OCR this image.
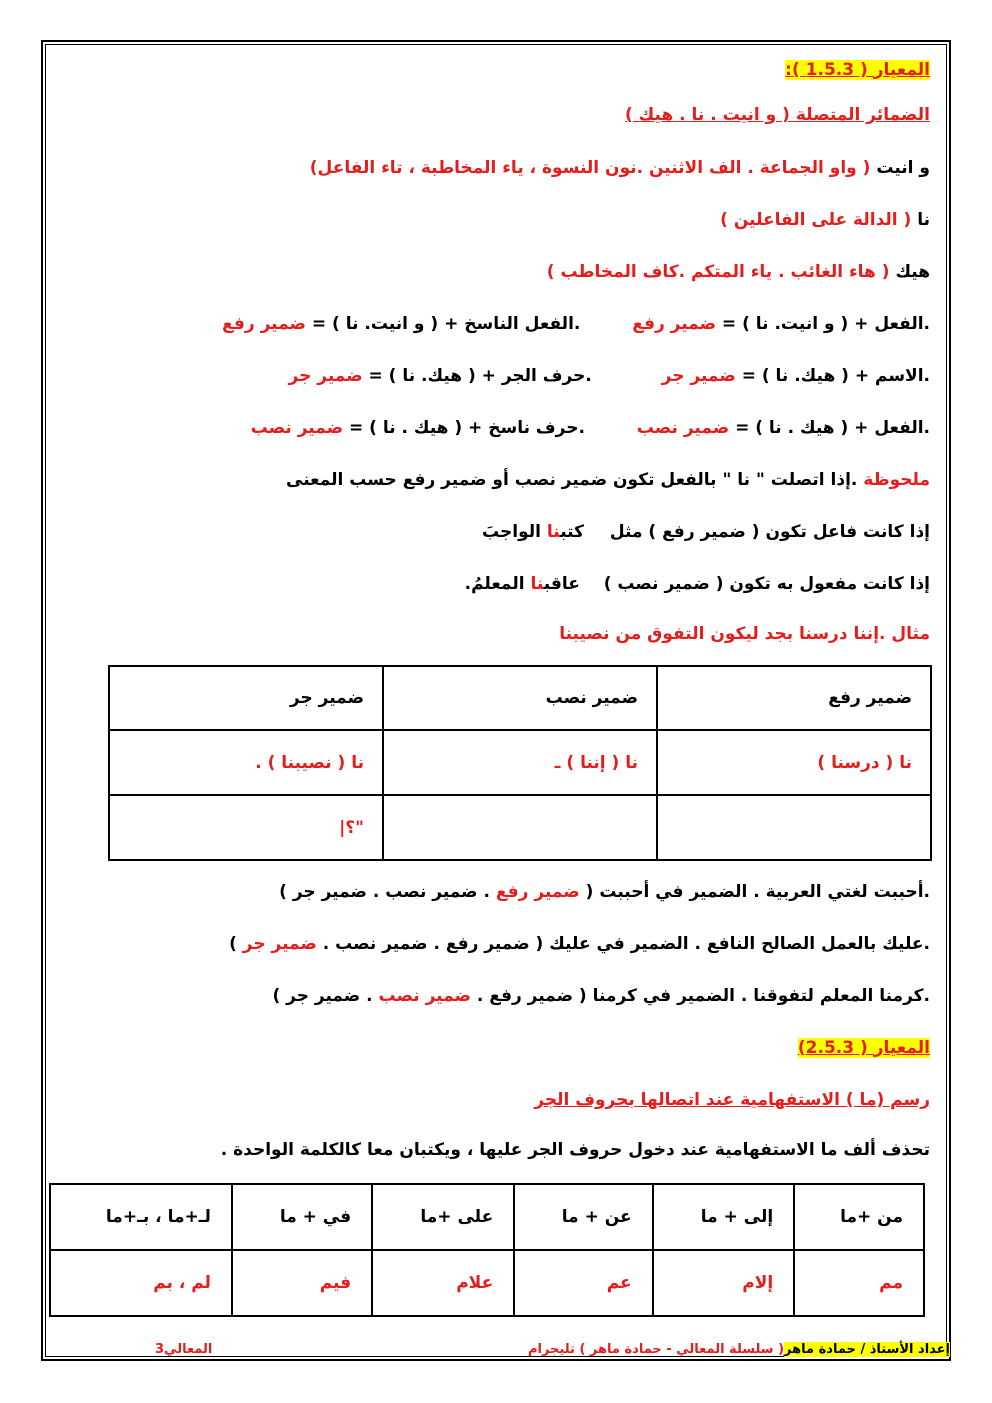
المعيار ( 1.5.3 ):
الضمائر المتصلة ( و انيت . نا . هيك )
و انيت ( واو الجماعة . الف الاثنين .نون النسوة ، ياء المخاطبة ، تاء الفاعل)
نا ( الدالة على الفاعلين )
هيك ( هاء الغائب . ياء المتكم .كاف المخاطب )
.الفعل + ( و انيت. نا ) = ضمير رفع  .الفعل الناسخ + ( و انيت. نا ) = ضمير رفع
.الاسم + ( هيك. نا ) = ضمير جر  .حرف الجر + ( هيك. نا ) = ضمير جر
.الفعل + ( هيك . نا ) = ضمير نصب  .حرف ناسخ + ( هيك . نا ) = ضمير نصب
ملحوظة .إذا اتصلت " نا " بالفعل تكون ضمير نصب أو ضمير رفع حسب المعنى
إذا كانت فاعل تكون ( ضمير رفع ) مثل  كتبنا الواجبَ
إذا كانت مفعول به تكون ( ضمير نصب )  عاقبنا المعلمُ.
مثال .إننا درسنا بجد ليكون التفوق من نصيبنا
ضمير رفع	ضمير نصب	ضمير جر
نا ( درسنا )	نا ( إننا ) ـ	نا ( نصيبنا ) .
		"؟|
.أحببت لغتي العربية . الضمير في أحببت ( ضمير رفع . ضمير نصب . ضمير جر )
.عليك بالعمل الصالح النافع . الضمير في عليك ( ضمير رفع . ضمير نصب . ضمير جر )
.كرمنا المعلم لتفوقنا . الضمير في كرمنا ( ضمير رفع . ضمير نصب . ضمير جر )
المعيار ( 2.5.3)
رسم (ما ) الاستفهامية عند اتصالها بحروف الجر
تحذف ألف ما الاستفهامية عند دخول حروف الجر عليها ، ويكتبان معا كالكلمة الواحدة .
من +ما	إلى + ما	عن + ما	على +ما	في + ما	لـ+ما ، بـ+ما
مم	إلام	عم	علام	فيم	لم ، بم
إعداد الأستاذ / حمادة ماهر( سلسلة المعالي - حمادة ماهر ) تليجرام
المعالي3
